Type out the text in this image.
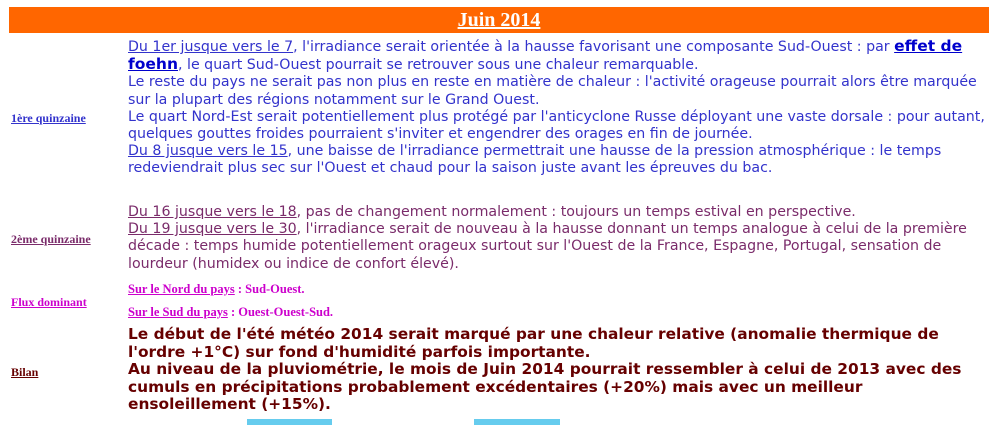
Juin 2014
1ère quinzaine
2ème quinzaine
Flux dominant
Bilan
Du 1er jusque vers le 7, l'irradiance serait orientée à la hausse favorisant une composante Sud-Ouest : par effet de foehn, le quart Sud-Ouest pourrait se retrouver sous une chaleur remarquable.
Le reste du pays ne serait pas non plus en reste en matière de chaleur : l'activité orageuse pourrait alors être marquée sur la plupart des régions notamment sur le Grand Ouest.
Le quart Nord-Est serait potentiellement plus protégé par l'anticyclone Russe déployant une vaste dorsale : pour autant, quelques gouttes froides pourraient s'inviter et engendrer des orages en fin de journée.
Du 8 jusque vers le 15, une baisse de l'irradiance permettrait une hausse de la pression atmosphérique : le temps redeviendrait plus sec sur l'Ouest et chaud pour la saison juste avant les épreuves du bac.
Du 16 jusque vers le 18, pas de changement normalement : toujours un temps estival en perspective.
Du 19 jusque vers le 30, l'irradiance serait de nouveau à la hausse donnant un temps analogue à celui de la première décade : temps humide potentiellement orageux surtout sur l'Ouest de la France, Espagne, Portugal, sensation de lourdeur (humidex ou indice de confort élevé).
Sur le Nord du pays : Sud-Ouest.
Sur le Sud du pays : Ouest-Ouest-Sud.
Le début de l'été météo 2014 serait marqué par une chaleur relative (anomalie thermique de l'ordre +1°C) sur fond d'humidité parfois importante.
Au niveau de la pluviométrie, le mois de Juin 2014 pourrait ressembler à celui de 2013 avec des cumuls en précipitations probablement excédentaires (+20%) mais avec un meilleur ensoleillement (+15%).
